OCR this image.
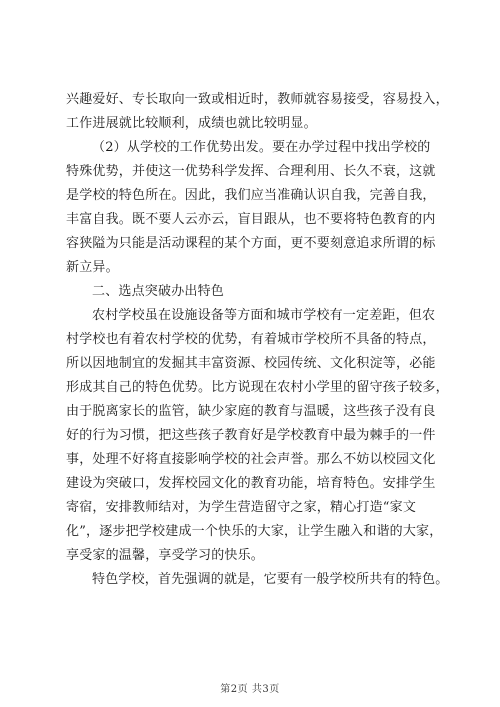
兴趣爱好、专长取向一致或相近时，教师就容易接受，容易投入，
工作进展就比较顺利，成绩也就比较明显。
（2）从学校的工作优势出发。要在办学过程中找出学校的
特殊优势，并使这一优势科学发挥、合理利用、长久不衰，这就
是学校的特色所在。因此，我们应当准确认识自我，完善自我，
丰富自我。既不要人云亦云，盲目跟从，也不要将特色教育的内
容狭隘为只能是活动课程的某个方面，更不要刻意追求所谓的标
新立异。
二、选点突破办出特色
农村学校虽在设施设备等方面和城市学校有一定差距，但农
村学校也有着农村学校的优势，有着城市学校所不具备的特点，
所以因地制宜的发掘其丰富资源、校园传统、文化积淀等，必能
形成其自己的特色优势。比方说现在农村小学里的留守孩子较多，
由于脱离家长的监管，缺少家庭的教育与温暖，这些孩子没有良
好的行为习惯，把这些孩子教育好是学校教育中最为棘手的一件
事，处理不好将直接影响学校的社会声誉。那么不妨以校园文化
建设为突破口，发挥校园文化的教育功能，培育特色。安排学生
寄宿，安排教师结对，为学生营造留守之家，精心打造“家文
化”，逐步把学校建成一个快乐的大家，让学生融入和谐的大家，
享受家的温馨，享受学习的快乐。
特色学校，首先强调的就是，它要有一般学校所共有的特色。
第2页 共3页
